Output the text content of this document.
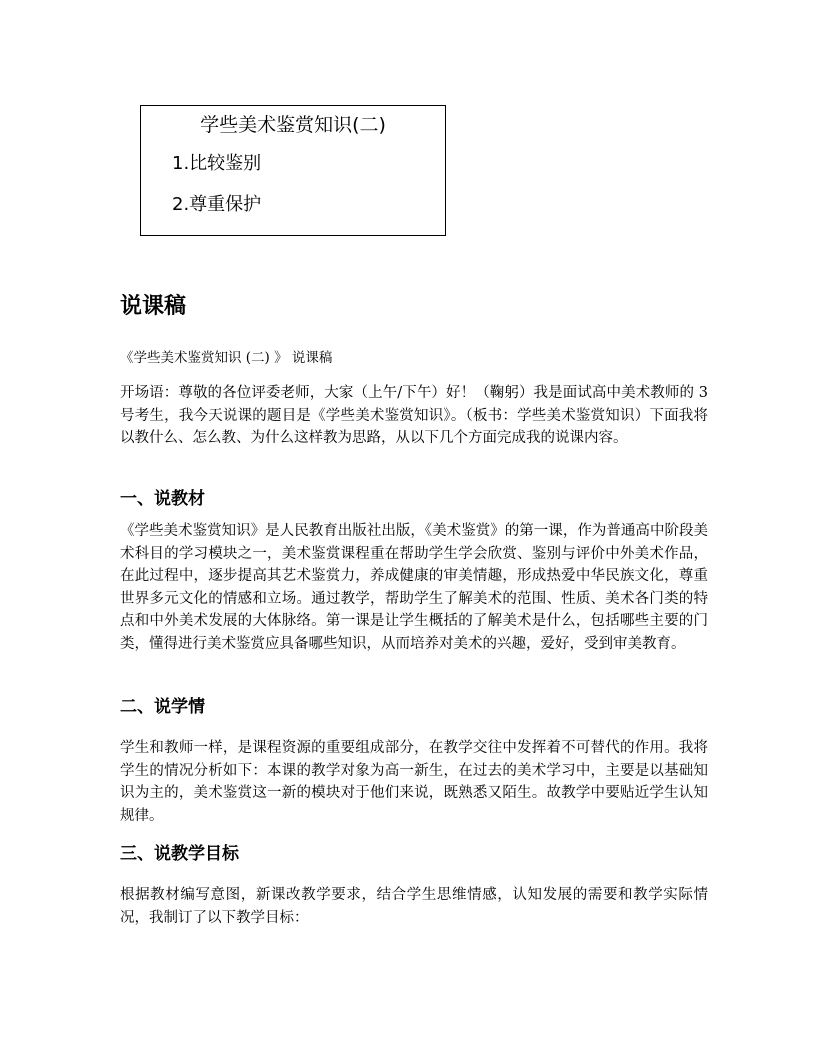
学些美术鉴赏知识(二)
1.比较鉴别
2.尊重保护
说课稿
《学些美术鉴赏知识 (二) 》 说课稿
开场语：尊敬的各位评委老师，大家（上午/下午）好！（鞠躬）我是面试高中美术教师的 3 号考生，我今天说课的题目是《学些美术鉴赏知识》。（板书：学些美术鉴赏知识）下面我将以教什么、怎么教、为什么这样教为思路，从以下几个方面完成我的说课内容。
一、说教材
《学些美术鉴赏知识》是人民教育出版社出版，《美术鉴赏》的第一课，作为普通高中阶段美术科目的学习模块之一，美术鉴赏课程重在帮助学生学会欣赏、鉴别与评价中外美术作品，在此过程中，逐步提高其艺术鉴赏力，养成健康的审美情趣，形成热爱中华民族文化，尊重世界多元文化的情感和立场。通过教学，帮助学生了解美术的范围、性质、美术各门类的特点和中外美术发展的大体脉络。第一课是让学生概括的了解美术是什么，包括哪些主要的门类，懂得进行美术鉴赏应具备哪些知识，从而培养对美术的兴趣，爱好，受到审美教育。
二、说学情
学生和教师一样，是课程资源的重要组成部分，在教学交往中发挥着不可替代的作用。我将学生的情况分析如下：本课的教学对象为高一新生，在过去的美术学习中，主要是以基础知识为主的，美术鉴赏这一新的模块对于他们来说，既熟悉又陌生。故教学中要贴近学生认知规律。
三、说教学目标
根据教材编写意图，新课改教学要求，结合学生思维情感，认知发展的需要和教学实际情况，我制订了以下教学目标：
